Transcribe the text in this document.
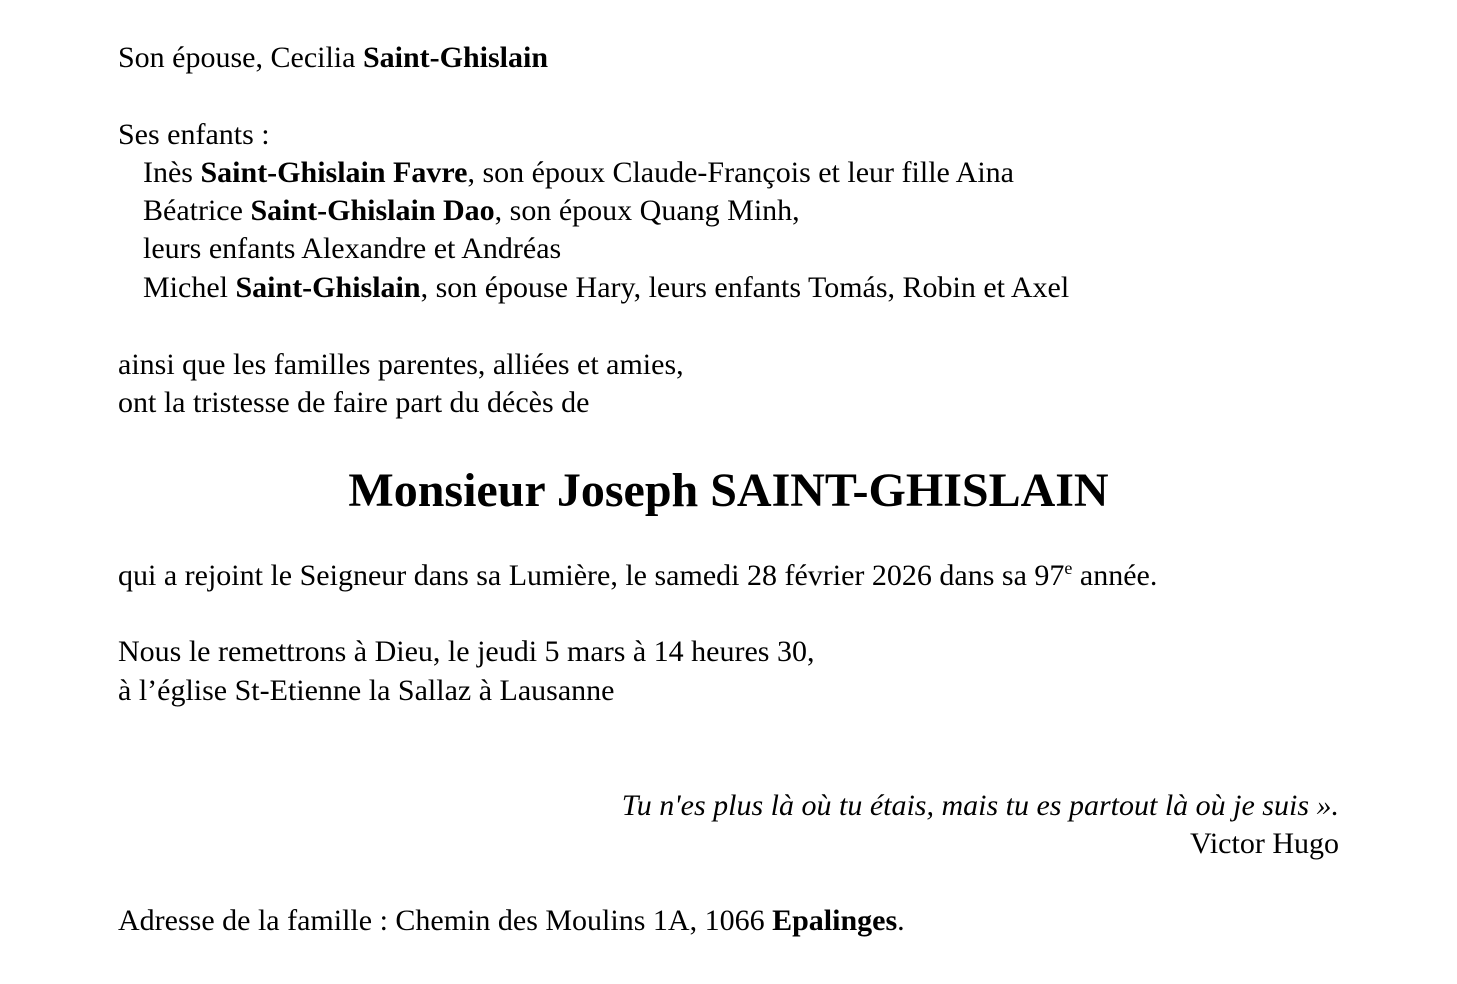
Son épouse, Cecilia Saint-Ghislain
Ses enfants :
Inès Saint-Ghislain Favre, son époux Claude-François et leur fille Aina
Béatrice Saint-Ghislain Dao, son époux Quang Minh,
leurs enfants Alexandre et Andréas
Michel Saint-Ghislain, son épouse Hary, leurs enfants Tomás, Robin et Axel
ainsi que les familles parentes, alliées et amies,
ont la tristesse de faire part du décès de
Monsieur Joseph SAINT-GHISLAIN
qui a rejoint le Seigneur dans sa Lumière, le samedi 28 février 2026 dans sa 97e année.
Nous le remettrons à Dieu, le jeudi 5 mars à 14 heures 30,
à l’église St-Etienne la Sallaz à Lausanne
Tu n'es plus là où tu étais, mais tu es partout là où je suis ».
Victor Hugo
Adresse de la famille : Chemin des Moulins 1A, 1066 Epalinges.
